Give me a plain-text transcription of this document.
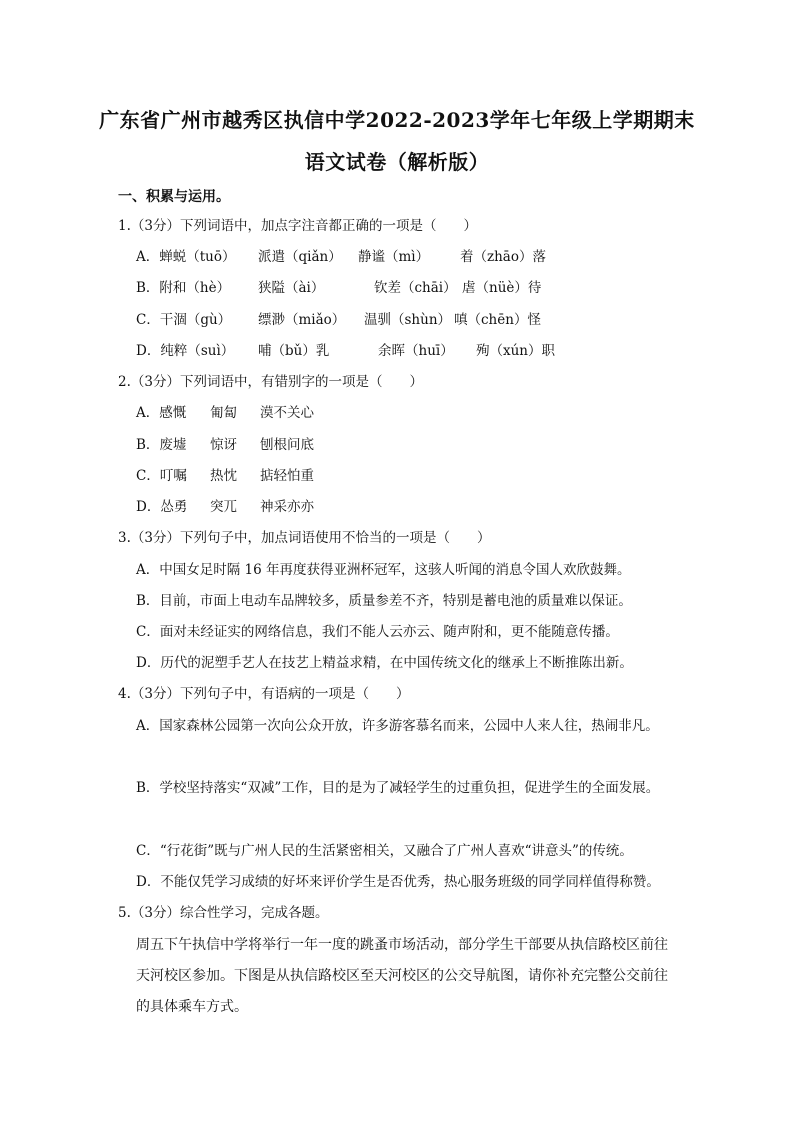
广东省广州市越秀区执信中学2022-2023学年七年级上学期期末
语文试卷（解析版）
一、积累与运用。
1.（3分）下列词语中，加点字注音都正确的一项是（　　）
A．蝉蜕（tuō） 派遣（qiǎn） 静谧（mì） 着（zhāo）落
B．附和（hè） 狭隘（ài）	钦差（chāi） 虐（nüè）待
C．干涸（gù） 缥渺（miǎo） 温驯（shùn） 嗔（chēn）怪
D．纯粹（suì） 哺（bǔ）乳	余晖（huī） 殉（xún）职
2.（3分）下列词语中，有错别字的一项是（　　）
A．感慨 匍匐 漠不关心
B．废墟 惊讶 刨根问底
C．叮嘱 热忱 掂轻怕重
D．怂勇 突兀 神采亦亦
3.（3分）下列句子中，加点词语使用不恰当的一项是（　　）
A．中国女足时隔 16 年再度获得亚洲杯冠军，这骇人听闻的消息令国人欢欣鼓舞。
B．目前，市面上电动车品牌较多，质量参差不齐，特别是蓄电池的质量难以保证。
C．面对未经证实的网络信息，我们不能人云亦云、随声附和，更不能随意传播。
D．历代的泥塑手艺人在技艺上精益求精，在中国传统文化的继承上不断推陈出新。
4.（3分）下列句子中，有语病的一项是（　　）
A．国家森林公园第一次向公众开放，许多游客慕名而来，公园中人来人往，热闹非凡。
B．学校坚持落实“双减”工作，目的是为了减轻学生的过重负担，促进学生的全面发展。
C．“行花街”既与广州人民的生活紧密相关，又融合了广州人喜欢“讲意头”的传统。
D．不能仅凭学习成绩的好坏来评价学生是否优秀，热心服务班级的同学同样值得称赞。
5.（3分）综合性学习，完成各题。
周五下午执信中学将举行一年一度的跳蚤市场活动，部分学生干部要从执信路校区前往
天河校区参加。下图是从执信路校区至天河校区的公交导航图，请你补充完整公交前往
的具体乘车方式。
